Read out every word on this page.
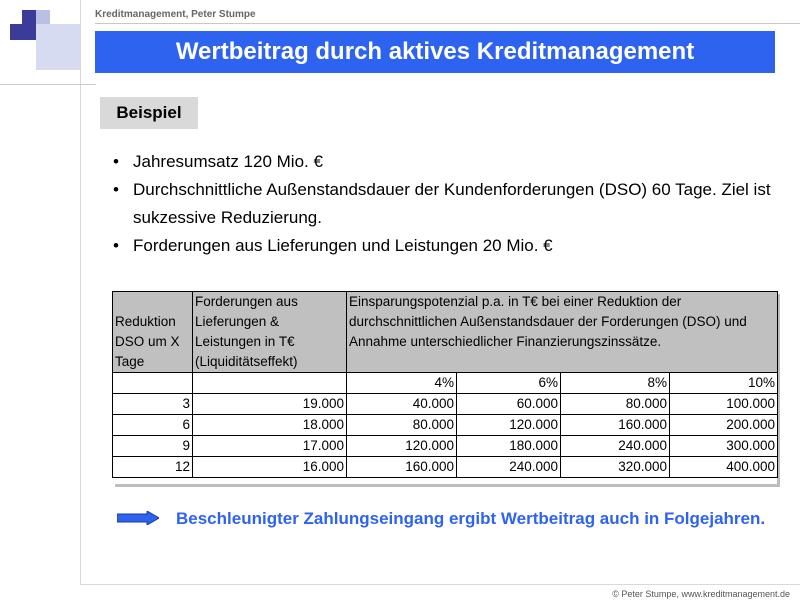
Kreditmanagement, Peter Stumpe
Wertbeitrag durch aktives Kreditmanagement
Beispiel
• Jahresumsatz 120 Mio. €
• Durchschnittliche Außenstandsdauer der Kundenforderungen (DSO) 60 Tage. Ziel ist sukzessive Reduzierung.
• Forderungen aus Lieferungen und Leistungen 20 Mio. €
Reduktion DSO um X Tage	Forderungen aus Lieferungen & Leistungen in T€ (Liquiditätseffekt)	Einsparungspotenzial p.a. in T€ bei einer Reduktion der durchschnittlichen Außenstandsdauer der Forderungen (DSO) und Annahme unterschiedlicher Finanzierungszinssätze.			
		4%	6%	8%	10%
3	19.000	40.000	60.000	80.000	100.000
6	18.000	80.000	120.000	160.000	200.000
9	17.000	120.000	180.000	240.000	300.000
12	16.000	160.000	240.000	320.000	400.000
Beschleunigter Zahlungseingang ergibt Wertbeitrag auch in Folgejahren.
© Peter Stumpe, www.kreditmanagement.de
